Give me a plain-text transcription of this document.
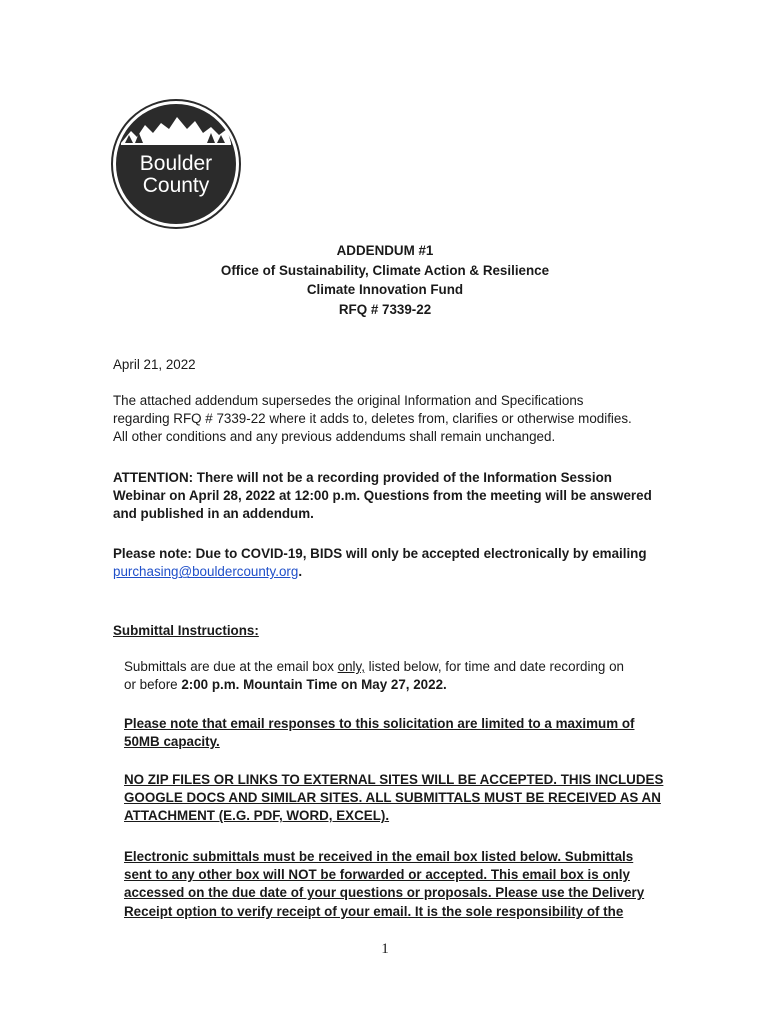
Boulder
County
ADDENDUM #1
Office of Sustainability, Climate Action & Resilience
Climate Innovation Fund
RFQ # 7339-22
April 21, 2022
The attached addendum supersedes the original Information and Specifications
regarding RFQ # 7339-22 where it adds to, deletes from, clarifies or otherwise modifies.
All other conditions and any previous addendums shall remain unchanged.
ATTENTION: There will not be a recording provided of the Information Session
Webinar on April 28, 2022 at 12:00 p.m. Questions from the meeting will be answered
and published in an addendum.
Please note: Due to COVID-19, BIDS will only be accepted electronically by emailing
purchasing@bouldercounty.org.
Submittal Instructions:
Submittals are due at the email box only, listed below, for time and date recording on
or before 2:00 p.m. Mountain Time on May 27, 2022.
Please note that email responses to this solicitation are limited to a maximum of
50MB capacity.
NO ZIP FILES OR LINKS TO EXTERNAL SITES WILL BE ACCEPTED. THIS INCLUDES
GOOGLE DOCS AND SIMILAR SITES. ALL SUBMITTALS MUST BE RECEIVED AS AN
ATTACHMENT (E.G. PDF, WORD, EXCEL).
Electronic submittals must be received in the email box listed below. Submittals
sent to any other box will NOT be forwarded or accepted. This email box is only
accessed on the due date of your questions or proposals. Please use the Delivery
Receipt option to verify receipt of your email. It is the sole responsibility of the
1
